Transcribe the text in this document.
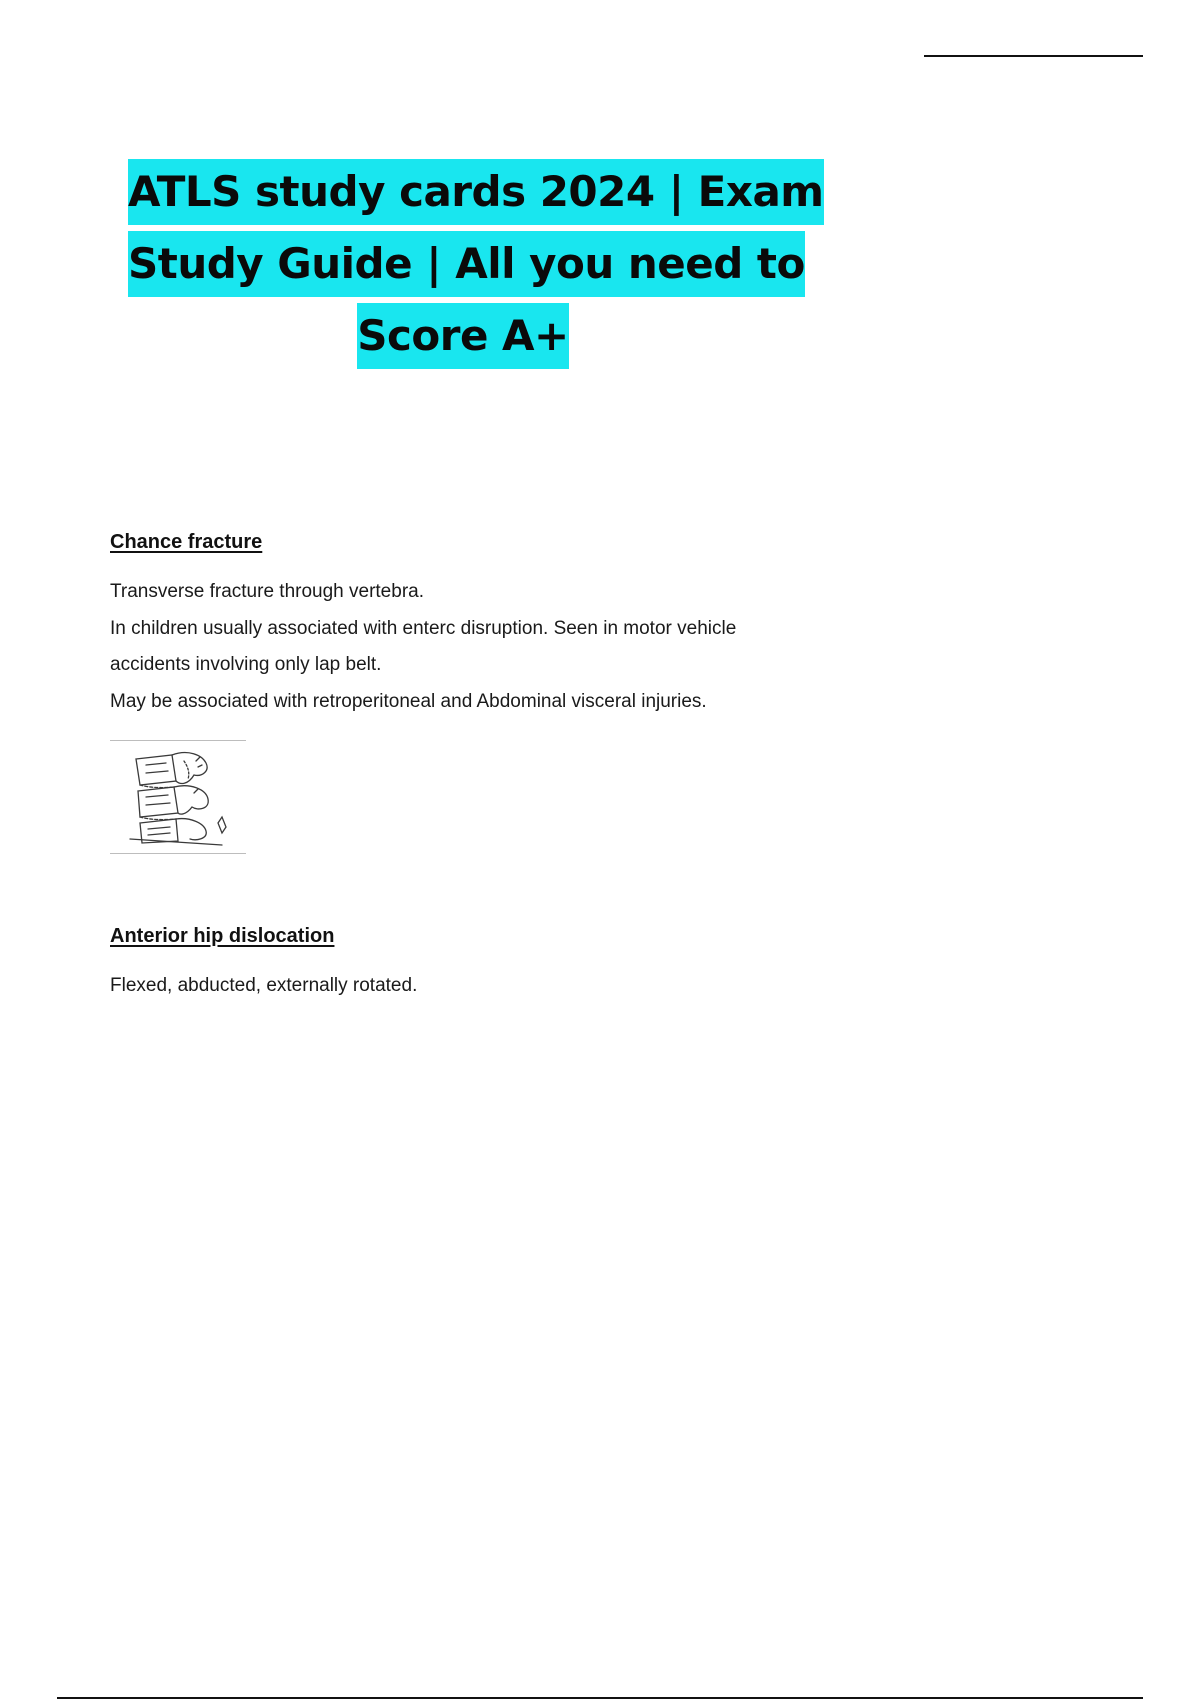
ATLS study cards 2024 | Exam
Study Guide | All you need to
Score A+
Chance fracture

Transverse fracture through vertebra.

In children usually associated with enterc disruption. Seen in motor vehicle

accidents involving only lap belt.

May be associated with retroperitoneal and Abdominal visceral injuries.

Anterior hip dislocation

Flexed, abducted, externally rotated.
